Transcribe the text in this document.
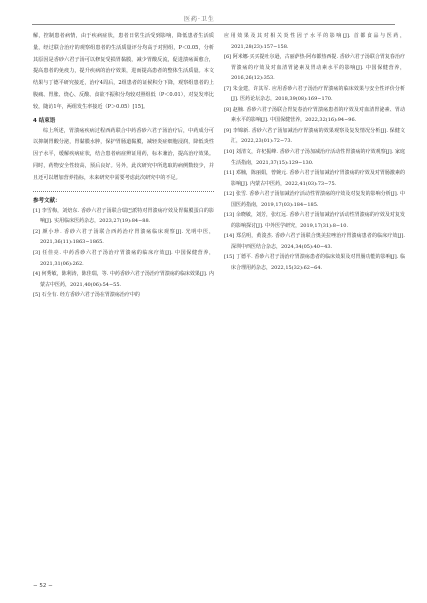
医药·卫生

解，控制患者病情，由于疾病症状，患者日常生活受到影响，降低患者生活质量，经过联合治疗的观察组患者的生活质量评分均高于对照组，P＜0.05，分析其原因是香砂六君子汤可以修复受损胃黏膜，减少胃酸反流，促进溃疡面愈合，提高患者的免疫力，提升疾病的治疗效果，进而提高患者的整体生活质量。本文结果与丁德平研究接近，治疗4周后，2组患者的证候积分下降，观察组患者的上腹痛、胃胀、烧心、反酸、食欲不振积分均较对照组低（P＜0.01），对复发率比较，随访1年，两组发生率接近（P＞0.05）[15]。

4 结束语

综上所述，胃溃疡疾病过程西药联合中药香砂六君子汤治疗后，中药成分可以抑制胃酸分泌，胃黏膜水肿，保护胃肠道黏膜，减轻炎症细胞浸润，降低炎性因子水平，缓解疾病症状，结合患者病症辨证用药，标本兼治，提高治疗效果。同时，药物安全性较高，预后良好。另外，此次研究中所选取的病例数较少，并且还可以增加营养指标，未来研究中需要考虑此次研究中的不足。

参考文献：

[1] 李雪梅，刘焙东. 香砂六君子汤联合瑞巴派特对胃溃疡疗效及胃黏膜蛋白的影响[J]. 实用临床医药杂志，2023,27(19):84−88.
[2] 颜小珍. 香砂六君子汤联合西药治疗胃溃疡临床观察[J]. 光明中医，2021,36(11):1863−1865.
[3] 任佳亮. 中药香砂六君子汤治疗胃溃疡的临床疗效[J]. 中国保健营养，2021,31(06):262.
[4] 何秀敏，陈利涛，陈佳瑞，等. 中药香砂六君子汤治疗胃溃疡的临床效果[J]. 内蒙古中医药，2021,40(06):54−55.
[5] 石全有. 经方香砂六君子汤在胃溃疡治疗中的
应用效果及其对相关炎性因子水平的影响[J]. 首都食品与医药，2021,28(23):157−158.
[6] 阿米娜·买买提吐尔逊，古丽萨热·阿布都热西提. 香砂六君子汤联合胃复春治疗胃溃疡的疗效及对血清胃泌素及胃动素水平的影响[J]. 中国保健营养，2016,26(12):353.
[7] 朱金建，许其军. 应用香砂六君子汤治疗胃溃疡的临床效果与安全性评价分析[J]. 医药论坛杂志，2018,39(08):169−170.
[8] 赵楠. 香砂六君子汤联合胃复春治疗胃溃疡患者的疗效及对血清胃泌素、胃动素水平的影响[J]. 中国保健营养，2022,32(16):94−96.
[9] 李锦新. 香砂六君子汤加减治疗胃溃疡的效果观察及复发情况分析[J]. 保健文汇，2022,23(01):72−73.
[10] 刘清文，许杞振峰. 香砂六君子汤加减治疗活动性胃溃疡的疗效观察[J]. 家庭生活指南，2021,37(15):129−130.
[11] 邓楠，陈丽娟，曾婉元. 香砂六君子汤加减治疗胃溃疡的疗效及对胃肠激素的影响[J]. 内蒙古中医药，2022,41(03):73−75.
[12] 张雪. 香砂六君子汤加减治疗活动性胃溃疡的疗效及对复发的影响分析[J]. 中国医药指南，2019,17(03):184−185.
[13] 余晓敏，刘芳，张红远. 香砂六君子汤加减治疗活动性胃溃疡的疗效及对复发的影响探讨[J]. 中外医学研究，2019,17(31):8−10.
[14] 郑岳明，黄浚杰. 香砂六君子汤联合奥美拉唑治疗胃溃疡患者的临床疗效[J]. 深圳中西医结合杂志，2024,34(05):40−43.
[15] 丁德平. 香砂六君子汤治疗胃溃疡患者的临床效果及对胃肠功能的影响[J]. 临床合理用药杂志，2022,15(32):62−64.
− 52 −
